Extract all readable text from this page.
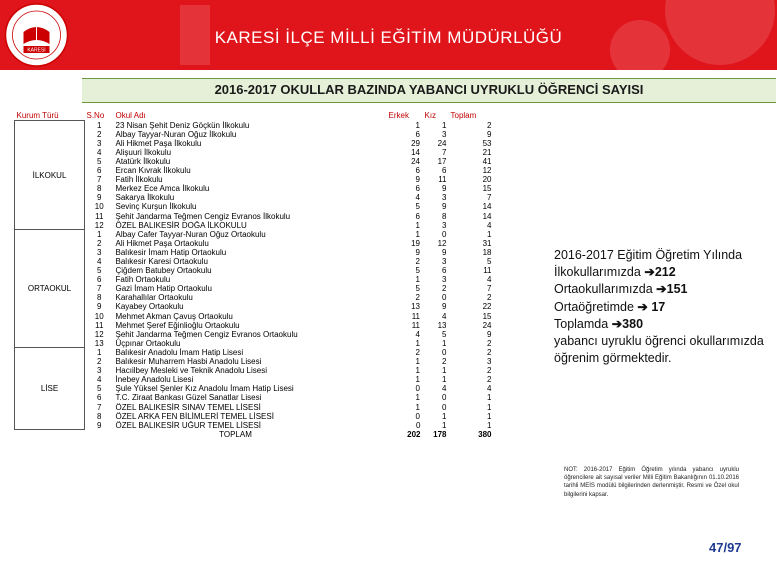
KARESİ
KARESİ İLÇE MİLLİ EĞİTİM MÜDÜRLÜĞÜ
2016-2017 OKULLAR BAZINDA YABANCI UYRUKLU ÖĞRENCİ SAYISI
Kurum Türü	S.No	Okul Adı	Erkek	Kız	Toplam
İLKOKUL	1	23 Nisan Şehit Deniz Göçkün İlkokulu	1	1	2
	2	Albay Tayyar-Nuran Oğuz İlkokulu	6	3	9
	3	Ali Hikmet Paşa İlkokulu	29	24	53
	4	Alişuuri İlkokulu	14	7	21
	5	Atatürk İlkokulu	24	17	41
	6	Ercan Kıvrak İlkokulu	6	6	12
	7	Fatih İlkokulu	9	11	20
	8	Merkez Ece Amca İlkokulu	6	9	15
	9	Sakarya İlkokulu	4	3	7
	10	Sevinç Kurşun İlkokulu	5	9	14
	11	Şehit Jandarma Teğmen Cengiz Evranos İlkokulu	6	8	14
	12	ÖZEL BALIKESİR DOĞA İLKOKULU	1	3	4
ORTAOKUL	1	Albay Cafer Tayyar-Nuran Oğuz Ortaokulu	1	0	1
	2	Ali Hikmet Paşa Ortaokulu	19	12	31
	3	Balıkesir İmam Hatip Ortaokulu	9	9	18
	4	Balıkesir Karesi Ortaokulu	2	3	5
	5	Çiğdem Batubey Ortaokulu	5	6	11
	6	Fatih Ortaokulu	1	3	4
	7	Gazi İmam Hatip Ortaokulu	5	2	7
	8	Karahallılar Ortaokulu	2	0	2
	9	Kayabey Ortaokulu	13	9	22
	10	Mehmet Akman Çavuş Ortaokulu	11	4	15
	11	Mehmet Şeref Eğinlioğlu Ortaokulu	11	13	24
	12	Şehit Jandarma Teğmen Cengiz Evranos Ortaokulu	4	5	9
	13	Üçpınar Ortaokulu	1	1	2
LİSE	1	Balıkesir Anadolu İmam Hatip Lisesi	2	0	2
	2	Balıkesir Muharrem Hasbi Anadolu Lisesi	1	2	3
	3	Hacıilbey Mesleki ve Teknik Anadolu Lisesi	1	1	2
	4	İnebey Anadolu Lisesi	1	1	2
	5	Şule Yüksel Şenler Kız Anadolu İmam Hatip Lisesi	0	4	4
	6	T.C. Ziraat Bankası Güzel Sanatlar Lisesi	1	0	1
	7	ÖZEL BALIKESİR SINAV TEMEL LİSESİ	1	0	1
	8	ÖZEL ARKA FEN BİLİMLERİ TEMEL LİSESİ	0	1	1
	9	ÖZEL BALIKESİR UĞUR TEMEL LİSESİ	0	1	1
	TOPLAM		202	178	380
2016-2017 Eğitim Öğretim Yılında
İlkokullarımızda ➔212
Ortaokullarımızda ➔151
Ortaöğretimde ➔ 17
Toplamda ➔380
yabancı uyruklu öğrenci okullarımızda öğrenim görmektedir.
NOT: 2016-2017 Eğitim Öğretim yılında yabancı uyruklu öğrencilere ait sayısal veriler Milli Eğitim Bakanlığının 01.10.2016 tarihli MEİS modülü bilgilerinden derlenmiştir. Resmi ve Özel okul bilgilerini kapsar.
47/97
